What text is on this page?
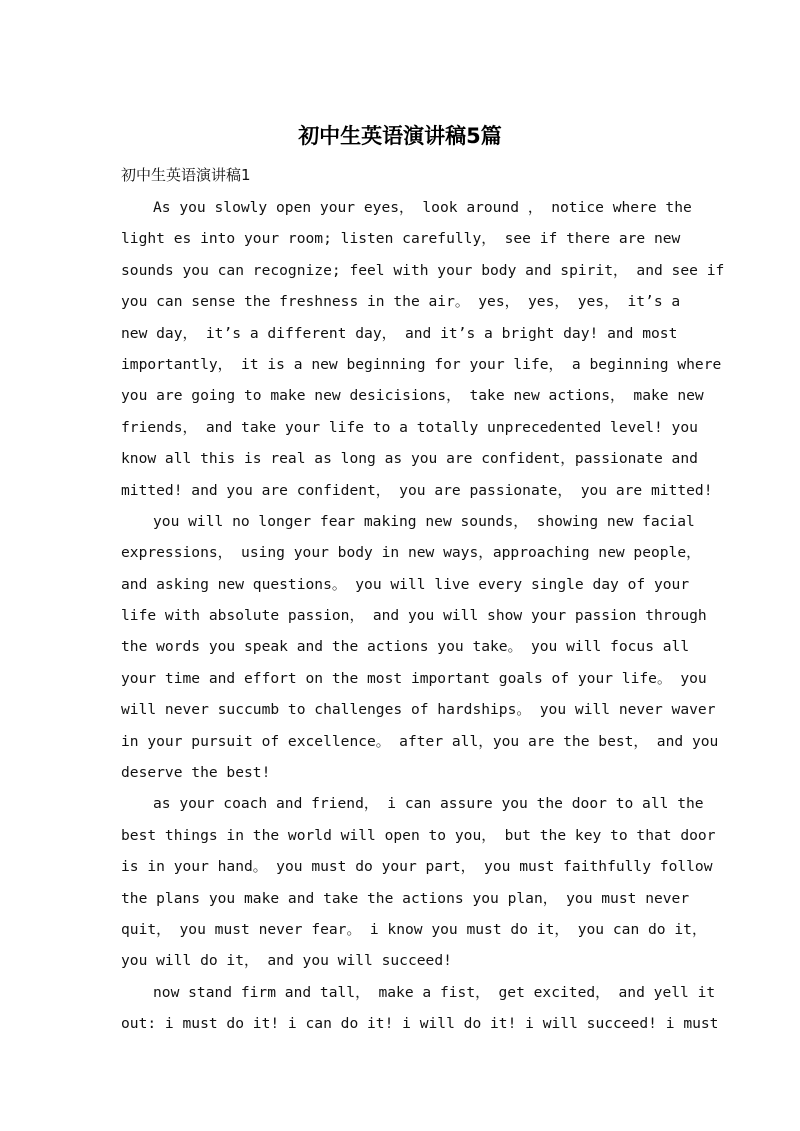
初中生英语演讲稿5篇

初中生英语演讲稿1

As you slowly open your eyes， look around ， notice where the
light es into your room; listen carefully， see if there are new
sounds you can recognize; feel with your body and spirit， and see if
you can sense the freshness in the air。 yes， yes， yes， it’s a
new day， it’s a different day， and it’s a bright day! and most
importantly， it is a new beginning for your life， a beginning where
you are going to make new desicisions， take new actions， make new
friends， and take your life to a totally unprecedented level! you
know all this is real as long as you are confident，passionate and
mitted! and you are confident， you are passionate， you are mitted!
you will no longer fear making new sounds， showing new facial
expressions， using your body in new ways，approaching new people，
and asking new questions。 you will live every single day of your
life with absolute passion， and you will show your passion through
the words you speak and the actions you take。 you will focus all
your time and effort on the most important goals of your life。 you
will never succumb to challenges of hardships。 you will never waver
in your pursuit of excellence。 after all，you are the best， and you
deserve the best!
as your coach and friend， i can assure you the door to all the
best things in the world will open to you， but the key to that door
is in your hand。 you must do your part， you must faithfully follow
the plans you make and take the actions you plan， you must never
quit， you must never fear。 i know you must do it， you can do it，
you will do it， and you will succeed!
now stand firm and tall， make a fist， get excited， and yell it
out: i must do it! i can do it! i will do it! i will succeed! i must
